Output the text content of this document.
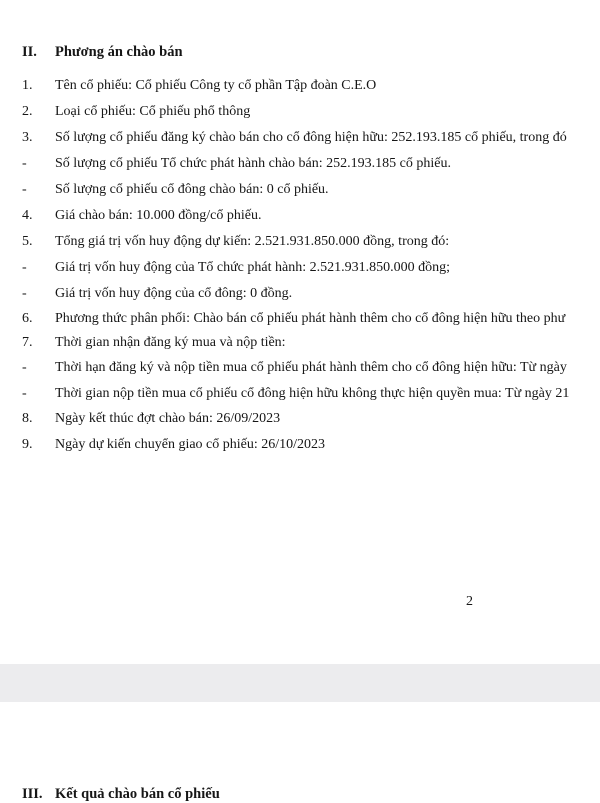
II. Phương án chào bán
1.	Tên cổ phiếu: Cổ phiếu Công ty cổ phần Tập đoàn C.E.O
2.	Loại cổ phiếu: Cổ phiếu phổ thông
3.	Số lượng cổ phiếu đăng ký chào bán cho cổ đông hiện hữu: 252.193.185 cổ phiếu, trong đó
-	Số lượng cổ phiếu Tổ chức phát hành chào bán: 252.193.185 cổ phiếu.
-	Số lượng cổ phiếu cổ đông chào bán: 0 cổ phiếu.
4.	Giá chào bán: 10.000 đồng/cổ phiếu.
5.	Tổng giá trị vốn huy động dự kiến: 2.521.931.850.000 đồng, trong đó:
-	Giá trị vốn huy động của Tổ chức phát hành: 2.521.931.850.000 đồng;
-	Giá trị vốn huy động của cổ đông: 0 đồng.
6.	Phương thức phân phối: Chào bán cổ phiếu phát hành thêm cho cổ đông hiện hữu theo phư
7.	Thời gian nhận đăng ký mua và nộp tiền:
-	Thời hạn đăng ký và nộp tiền mua cổ phiếu phát hành thêm cho cổ đông hiện hữu: Từ ngày
-	Thời gian nộp tiền mua cổ phiếu cổ đông hiện hữu không thực hiện quyền mua: Từ ngày 21
8.	Ngày kết thúc đợt chào bán: 26/09/2023
9.	Ngày dự kiến chuyển giao cổ phiếu: 26/10/2023
2
III. Kết quả chào bán cổ phiếu
